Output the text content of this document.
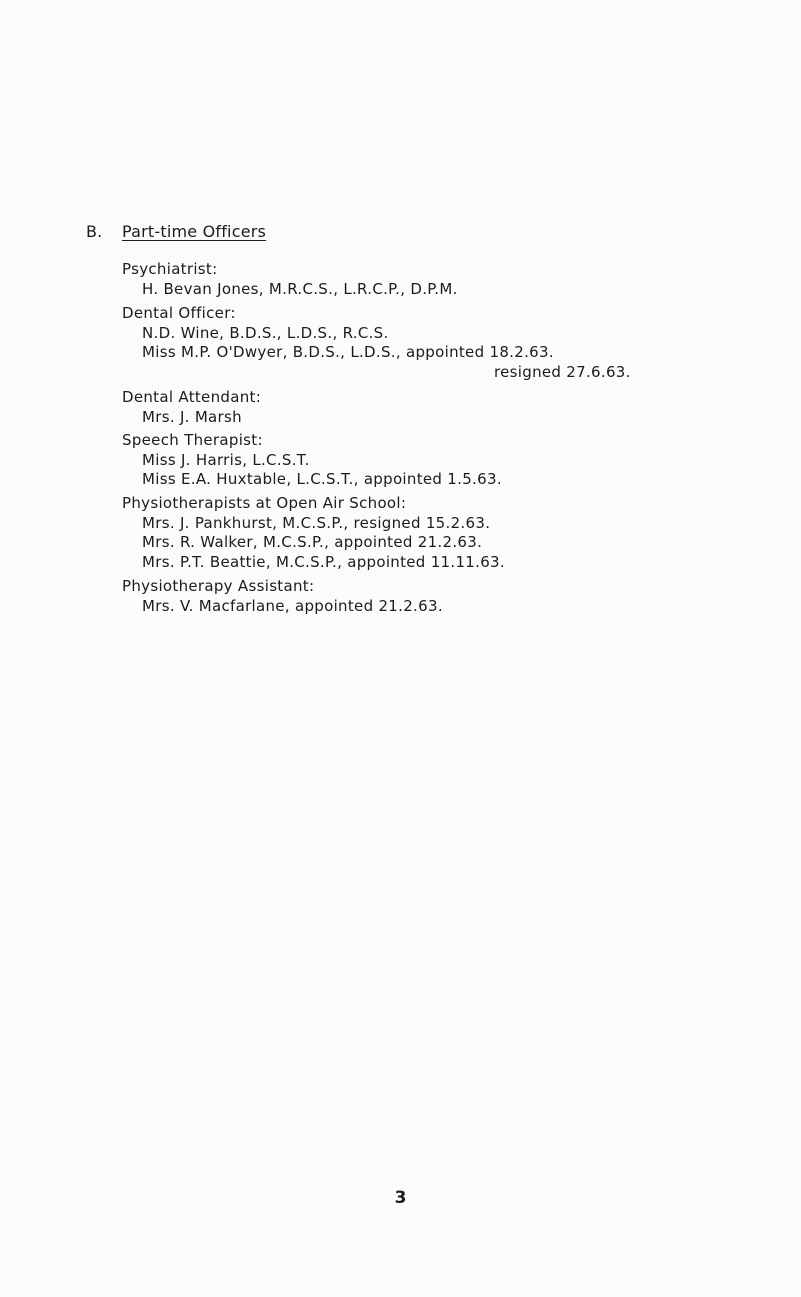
B. Part-time Officers
Psychiatrist:
H. Bevan Jones, M.R.C.S., L.R.C.P., D.P.M.
Dental Officer:
N.D. Wine, B.D.S., L.D.S., R.C.S.
Miss M.P. O'Dwyer, B.D.S., L.D.S., appointed 18.2.63.
resigned 27.6.63.
Dental Attendant:
Mrs. J. Marsh
Speech Therapist:
Miss J. Harris, L.C.S.T.
Miss E.A. Huxtable, L.C.S.T., appointed 1.5.63.
Physiotherapists at Open Air School:
Mrs. J. Pankhurst, M.C.S.P., resigned 15.2.63.
Mrs. R. Walker, M.C.S.P., appointed 21.2.63.
Mrs. P.T. Beattie, M.C.S.P., appointed 11.11.63.
Physiotherapy Assistant:
Mrs. V. Macfarlane, appointed 21.2.63.
3
